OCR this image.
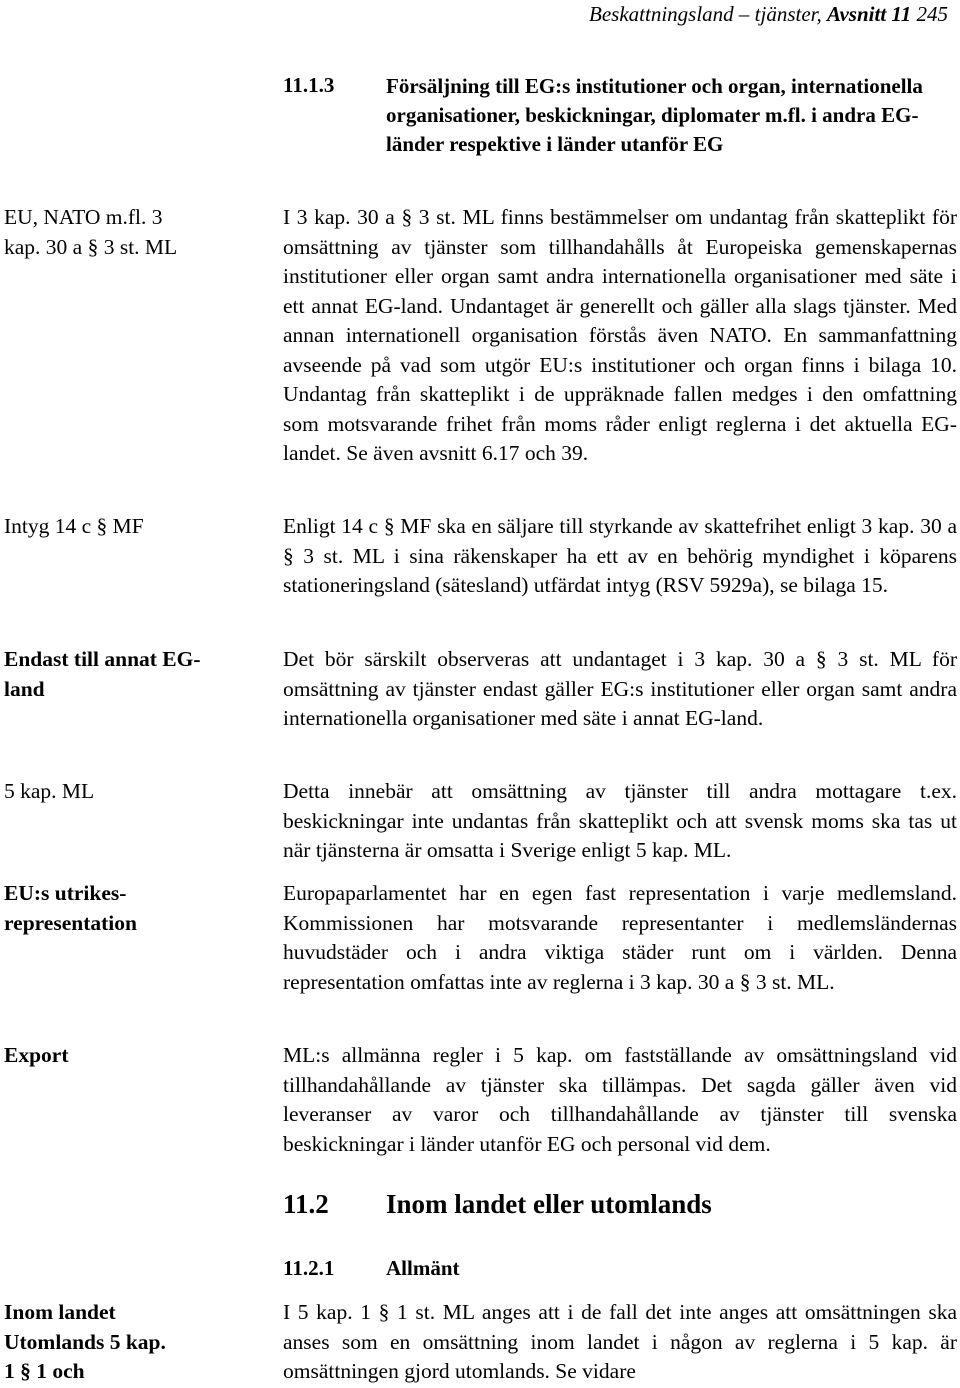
Beskattningsland – tjänster, Avsnitt 11 245
11.1.3 Försäljning till EG:s institutioner och organ, internationella organisationer, beskickningar, diplomater m.fl. i andra EG-länder respektive i länder utanför EG
EU, NATO m.fl. 3 kap. 30 a § 3 st. ML
Intyg 14 c § MF
Endast till annat EG-land
5 kap. ML
EU:s utrikes-representation
Export
Inom landet Utomlands 5 kap. 1 § 1 och
I 3 kap. 30 a § 3 st. ML finns bestämmelser om undantag från skatteplikt för omsättning av tjänster som tillhandahålls åt Europeiska gemenskapernas institutioner eller organ samt andra internationella organisationer med säte i ett annat EG-land. Undantaget är generellt och gäller alla slags tjänster. Med annan internationell organisation förstås även NATO. En sammanfattning avseende på vad som utgör EU:s institutioner och organ finns i bilaga 10. Undantag från skatteplikt i de uppräknade fallen medges i den omfattning som motsvarande frihet från moms råder enligt reglerna i det aktuella EG-landet. Se även avsnitt 6.17 och 39.
Enligt 14 c § MF ska en säljare till styrkande av skattefrihet enligt 3 kap. 30 a § 3 st. ML i sina räkenskaper ha ett av en behörig myndighet i köparens stationeringsland (sätesland) utfärdat intyg (RSV 5929a), se bilaga 15.
Det bör särskilt observeras att undantaget i 3 kap. 30 a § 3 st. ML för omsättning av tjänster endast gäller EG:s institutioner eller organ samt andra internationella organisationer med säte i annat EG-land.
Detta innebär att omsättning av tjänster till andra mottagare t.ex. beskickningar inte undantas från skatteplikt och att svensk moms ska tas ut när tjänsterna är omsatta i Sverige enligt 5 kap. ML.
Europaparlamentet har en egen fast representation i varje medlemsland. Kommissionen har motsvarande representanter i medlemsländernas huvudstäder och i andra viktiga städer runt om i världen. Denna representation omfattas inte av reglerna i 3 kap. 30 a § 3 st. ML.
ML:s allmänna regler i 5 kap. om fastställande av omsättningsland vid tillhandahållande av tjänster ska tillämpas. Det sagda gäller även vid leveranser av varor och tillhandahållande av tjänster till svenska beskickningar i länder utanför EG och personal vid dem.
11.2 Inom landet eller utomlands
11.2.1 Allmänt
I 5 kap. 1 § 1 st. ML anges att i de fall det inte anges att omsättningen ska anses som en omsättning inom landet i någon av reglerna i 5 kap. är omsättningen gjord utomlands. Se vidare
